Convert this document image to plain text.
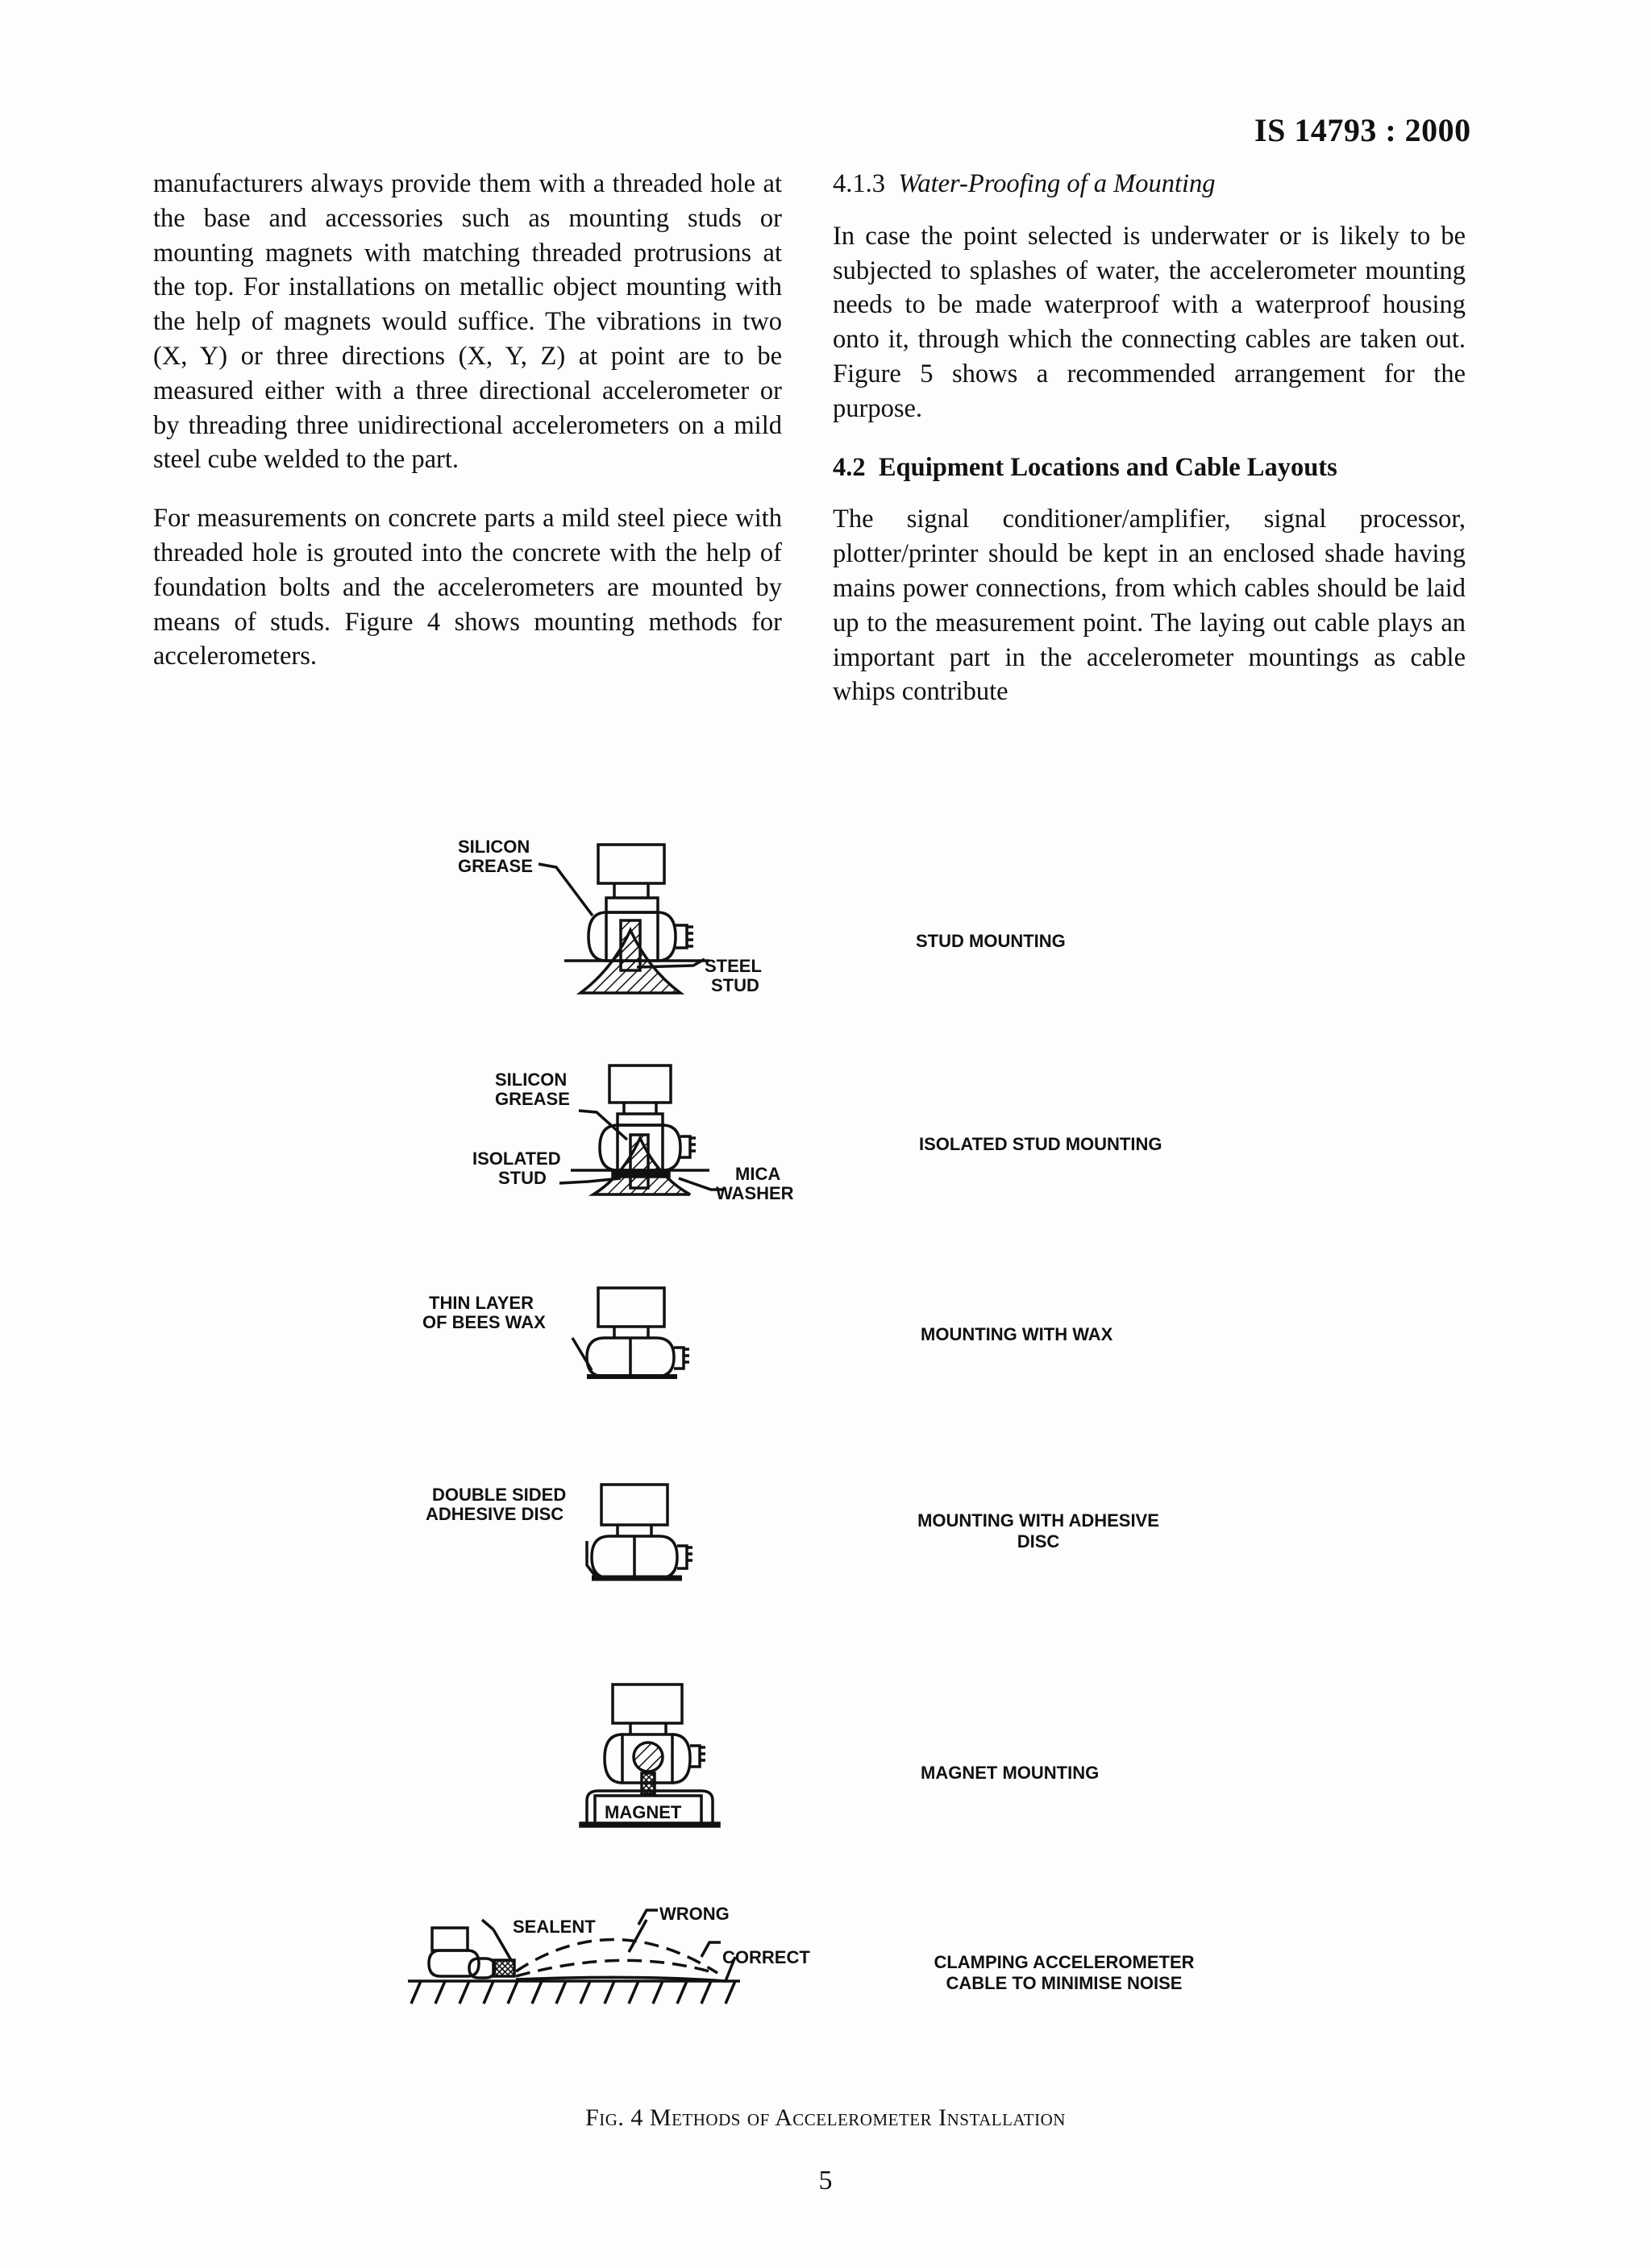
IS 14793 : 2000

manufacturers always provide them with a threaded hole at the base and accessories such as mounting studs or mounting magnets with matching threaded protrusions at the top. For installations on metallic object mounting with the help of magnets would suffice. The vibrations in two (X, Y) or three directions (X, Y, Z) at point are to be measured either with a three directional accelerometer or by threading three unidirectional accelerometers on a mild steel cube welded to the part.

For measurements on concrete parts a mild steel piece with threaded hole is grouted into the concrete with the help of foundation bolts and the accelerometers are mounted by means of studs. Figure 4 shows mounting methods for accelerometers.

4.1.3 Water-Proofing of a Mounting

In case the point selected is underwater or is likely to be subjected to splashes of water, the accelerometer mounting needs to be made waterproof with a waterproof housing onto it, through which the connecting cables are taken out. Figure 5 shows a recommended arrangement for the purpose.

4.2 Equipment Locations and Cable Layouts

The signal conditioner/amplifier, signal processor, plotter/printer should be kept in an enclosed shade having mains power connections, from which cables should be laid up to the measurement point. The laying out cable plays an important part in the accelerometer mountings as cable whips contribute

SILICON
GREASE
STEEL
STUD
SILICON
GREASE
ISOLATED
STUD	MICA
WASHER
THIN LAYER
OF BEES WAX
DOUBLE SIDED
ADHESIVE DISC
MAGNET
SEALENT
WRONG
CORRECT
STUD MOUNTING
ISOLATED STUD MOUNTING
MOUNTING WITH WAX
MOUNTING WITH ADHESIVE
DISC
MAGNET MOUNTING
CLAMPING ACCELEROMETER
CABLE TO MINIMISE NOISE
Fig. 4 Methods of Accelerometer Installation
5
